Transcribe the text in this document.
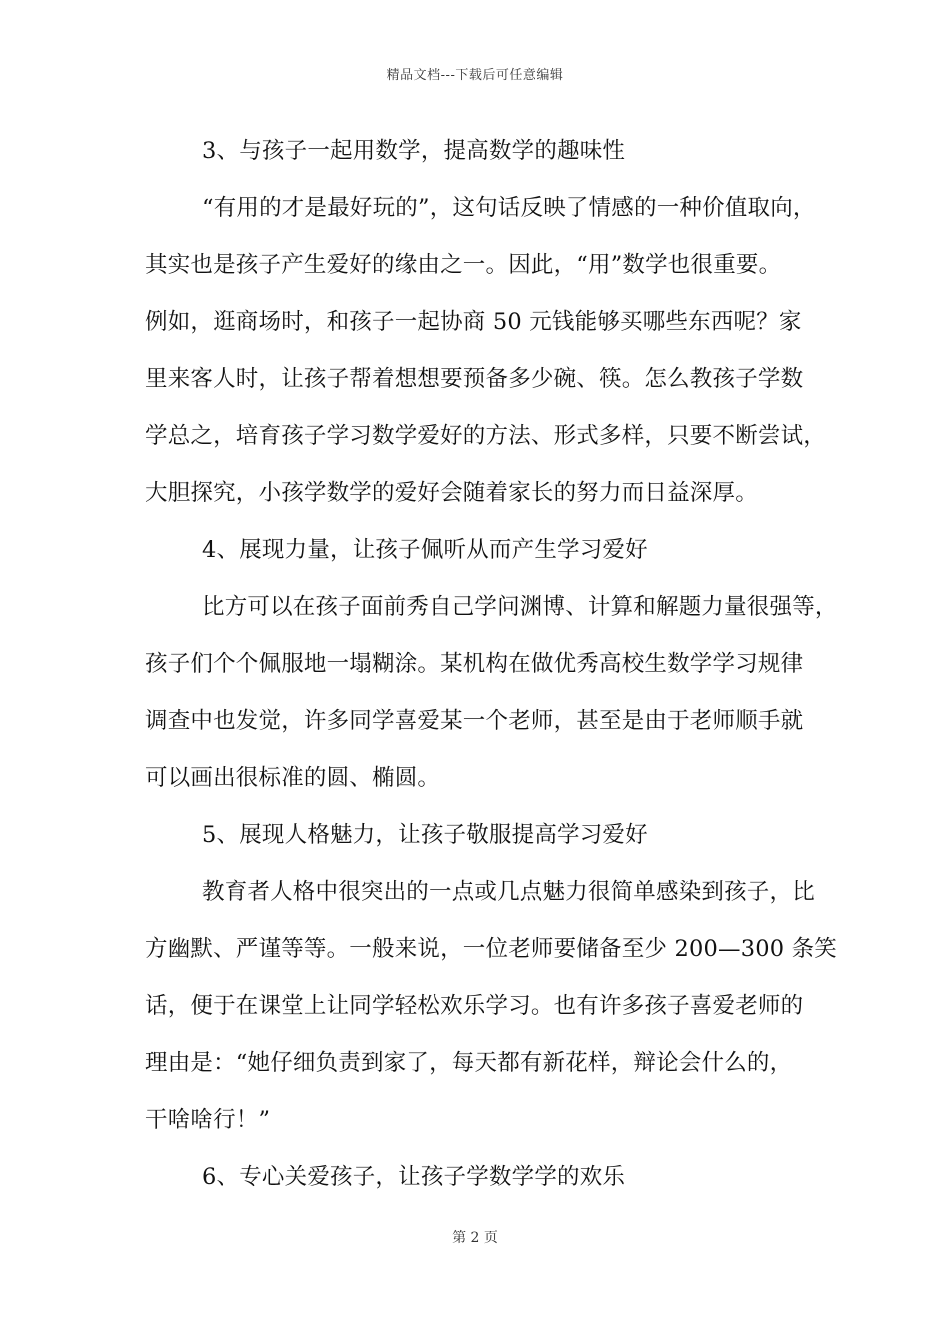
精品文档---下载后可任意编辑
3、与孩子一起用数学，提高数学的趣味性
“有用的才是最好玩的”，这句话反映了情感的一种价值取向，
其实也是孩子产生爱好的缘由之一。因此，“用”数学也很重要。
例如，逛商场时，和孩子一起协商 50 元钱能够买哪些东西呢？家
里来客人时，让孩子帮着想想要预备多少碗、筷。怎么教孩子学数
学总之，培育孩子学习数学爱好的方法、形式多样，只要不断尝试，
大胆探究，小孩学数学的爱好会随着家长的努力而日益深厚。
4、展现力量，让孩子佩听从而产生学习爱好
比方可以在孩子面前秀自己学问渊博、计算和解题力量很强等，
孩子们个个佩服地一塌糊涂。某机构在做优秀高校生数学学习规律
调查中也发觉，许多同学喜爱某一个老师，甚至是由于老师顺手就
可以画出很标准的圆、椭圆。
5、展现人格魅力，让孩子敬服提高学习爱好
教育者人格中很突出的一点或几点魅力很简单感染到孩子，比
方幽默、严谨等等。一般来说，一位老师要储备至少 200—300 条笑
话，便于在课堂上让同学轻松欢乐学习。也有许多孩子喜爱老师的
理由是：“她仔细负责到家了，每天都有新花样，辩论会什么的，
干啥啥行！”
6、专心关爱孩子，让孩子学数学学的欢乐
第 2 页
